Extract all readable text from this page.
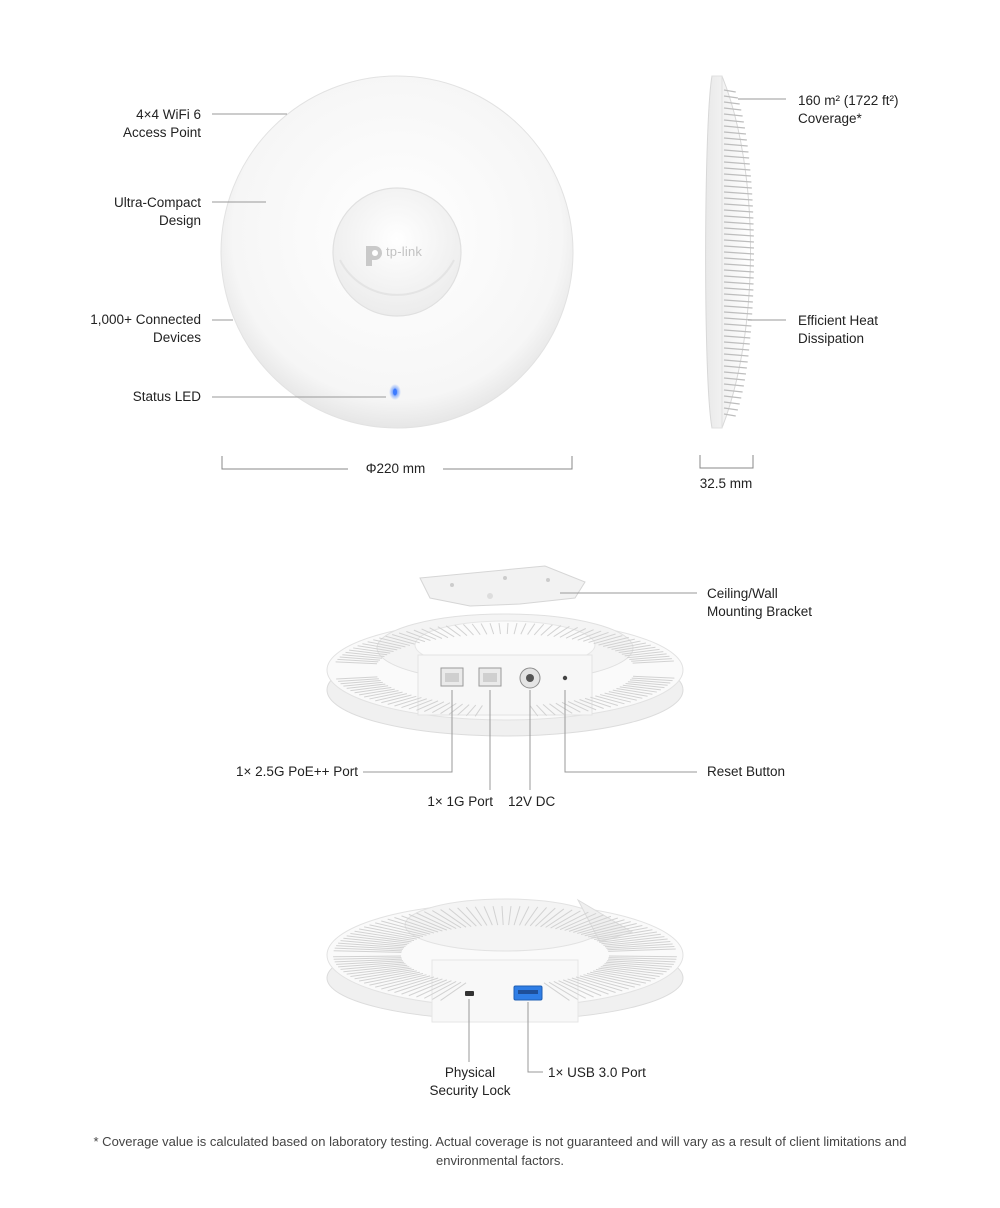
4×4 WiFi 6
Access Point
Ultra-Compact
Design
1,000+ Connected
Devices
Status LED
tp-link
Φ220 mm
160 m² (1722 ft²)
Coverage*
Efficient Heat
Dissipation
32.5 mm
Ceiling/Wall
Mounting Bracket
1× 2.5G PoE++ Port
1× 1G Port 12V DC
Reset Button
Physical
Security Lock
1× USB 3.0 Port
* Coverage value is calculated based on laboratory testing. Actual coverage is not guaranteed and will vary as a result of client limitations and environmental factors.
